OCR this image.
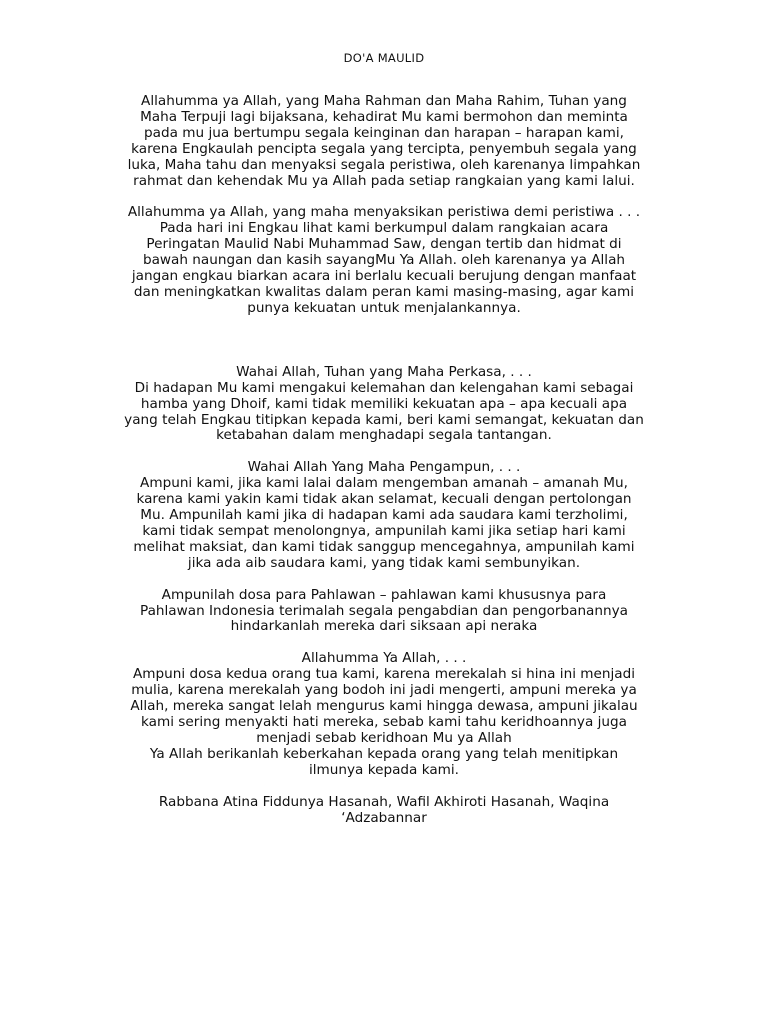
DO'A MAULID

Allahumma ya Allah, yang Maha Rahman dan Maha Rahim, Tuhan yang
Maha Terpuji lagi bijaksana, kehadirat Mu kami bermohon dan meminta
pada mu jua bertumpu segala keinginan dan harapan – harapan kami,
karena Engkaulah pencipta segala yang tercipta, penyembuh segala yang
luka, Maha tahu dan menyaksi segala peristiwa, oleh karenanya limpahkan
rahmat dan kehendak Mu ya Allah pada setiap rangkaian yang kami lalui.

Allahumma ya Allah, yang maha menyaksikan peristiwa demi peristiwa . . .
Pada hari ini Engkau lihat kami berkumpul dalam rangkaian acara
Peringatan Maulid Nabi Muhammad Saw, dengan tertib dan hidmat di
bawah naungan dan kasih sayangMu Ya Allah. oleh karenanya ya Allah
jangan engkau biarkan acara ini berlalu kecuali berujung dengan manfaat
dan meningkatkan kwalitas dalam peran kami masing-masing, agar kami
punya kekuatan untuk menjalankannya.

Wahai Allah, Tuhan yang Maha Perkasa, . . .
Di hadapan Mu kami mengakui kelemahan dan kelengahan kami sebagai
hamba yang Dhoif, kami tidak memiliki kekuatan apa – apa kecuali apa
yang telah Engkau titipkan kepada kami, beri kami semangat, kekuatan dan
ketabahan dalam menghadapi segala tantangan.

Wahai Allah Yang Maha Pengampun, . . .
Ampuni kami, jika kami lalai dalam mengemban amanah – amanah Mu,
karena kami yakin kami tidak akan selamat, kecuali dengan pertolongan
Mu. Ampunilah kami jika di hadapan kami ada saudara kami terzholimi,
kami tidak sempat menolongnya, ampunilah kami jika setiap hari kami
melihat maksiat, dan kami tidak sanggup mencegahnya, ampunilah kami
jika ada aib saudara kami, yang tidak kami sembunyikan.

Ampunilah dosa para Pahlawan – pahlawan kami khususnya para
Pahlawan Indonesia terimalah segala pengabdian dan pengorbanannya
hindarkanlah mereka dari siksaan api neraka

Allahumma Ya Allah, . . .
Ampuni dosa kedua orang tua kami, karena merekalah si hina ini menjadi
mulia, karena merekalah yang bodoh ini jadi mengerti, ampuni mereka ya
Allah, mereka sangat lelah mengurus kami hingga dewasa, ampuni jikalau
kami sering menyakti hati mereka, sebab kami tahu keridhoannya juga
menjadi sebab keridhoan Mu ya Allah
Ya Allah berikanlah keberkahan kepada orang yang telah menitipkan
ilmunya kepada kami.

Rabbana Atina Fiddunya Hasanah, Wafil Akhiroti Hasanah, Waqina
‘Adzabannar
